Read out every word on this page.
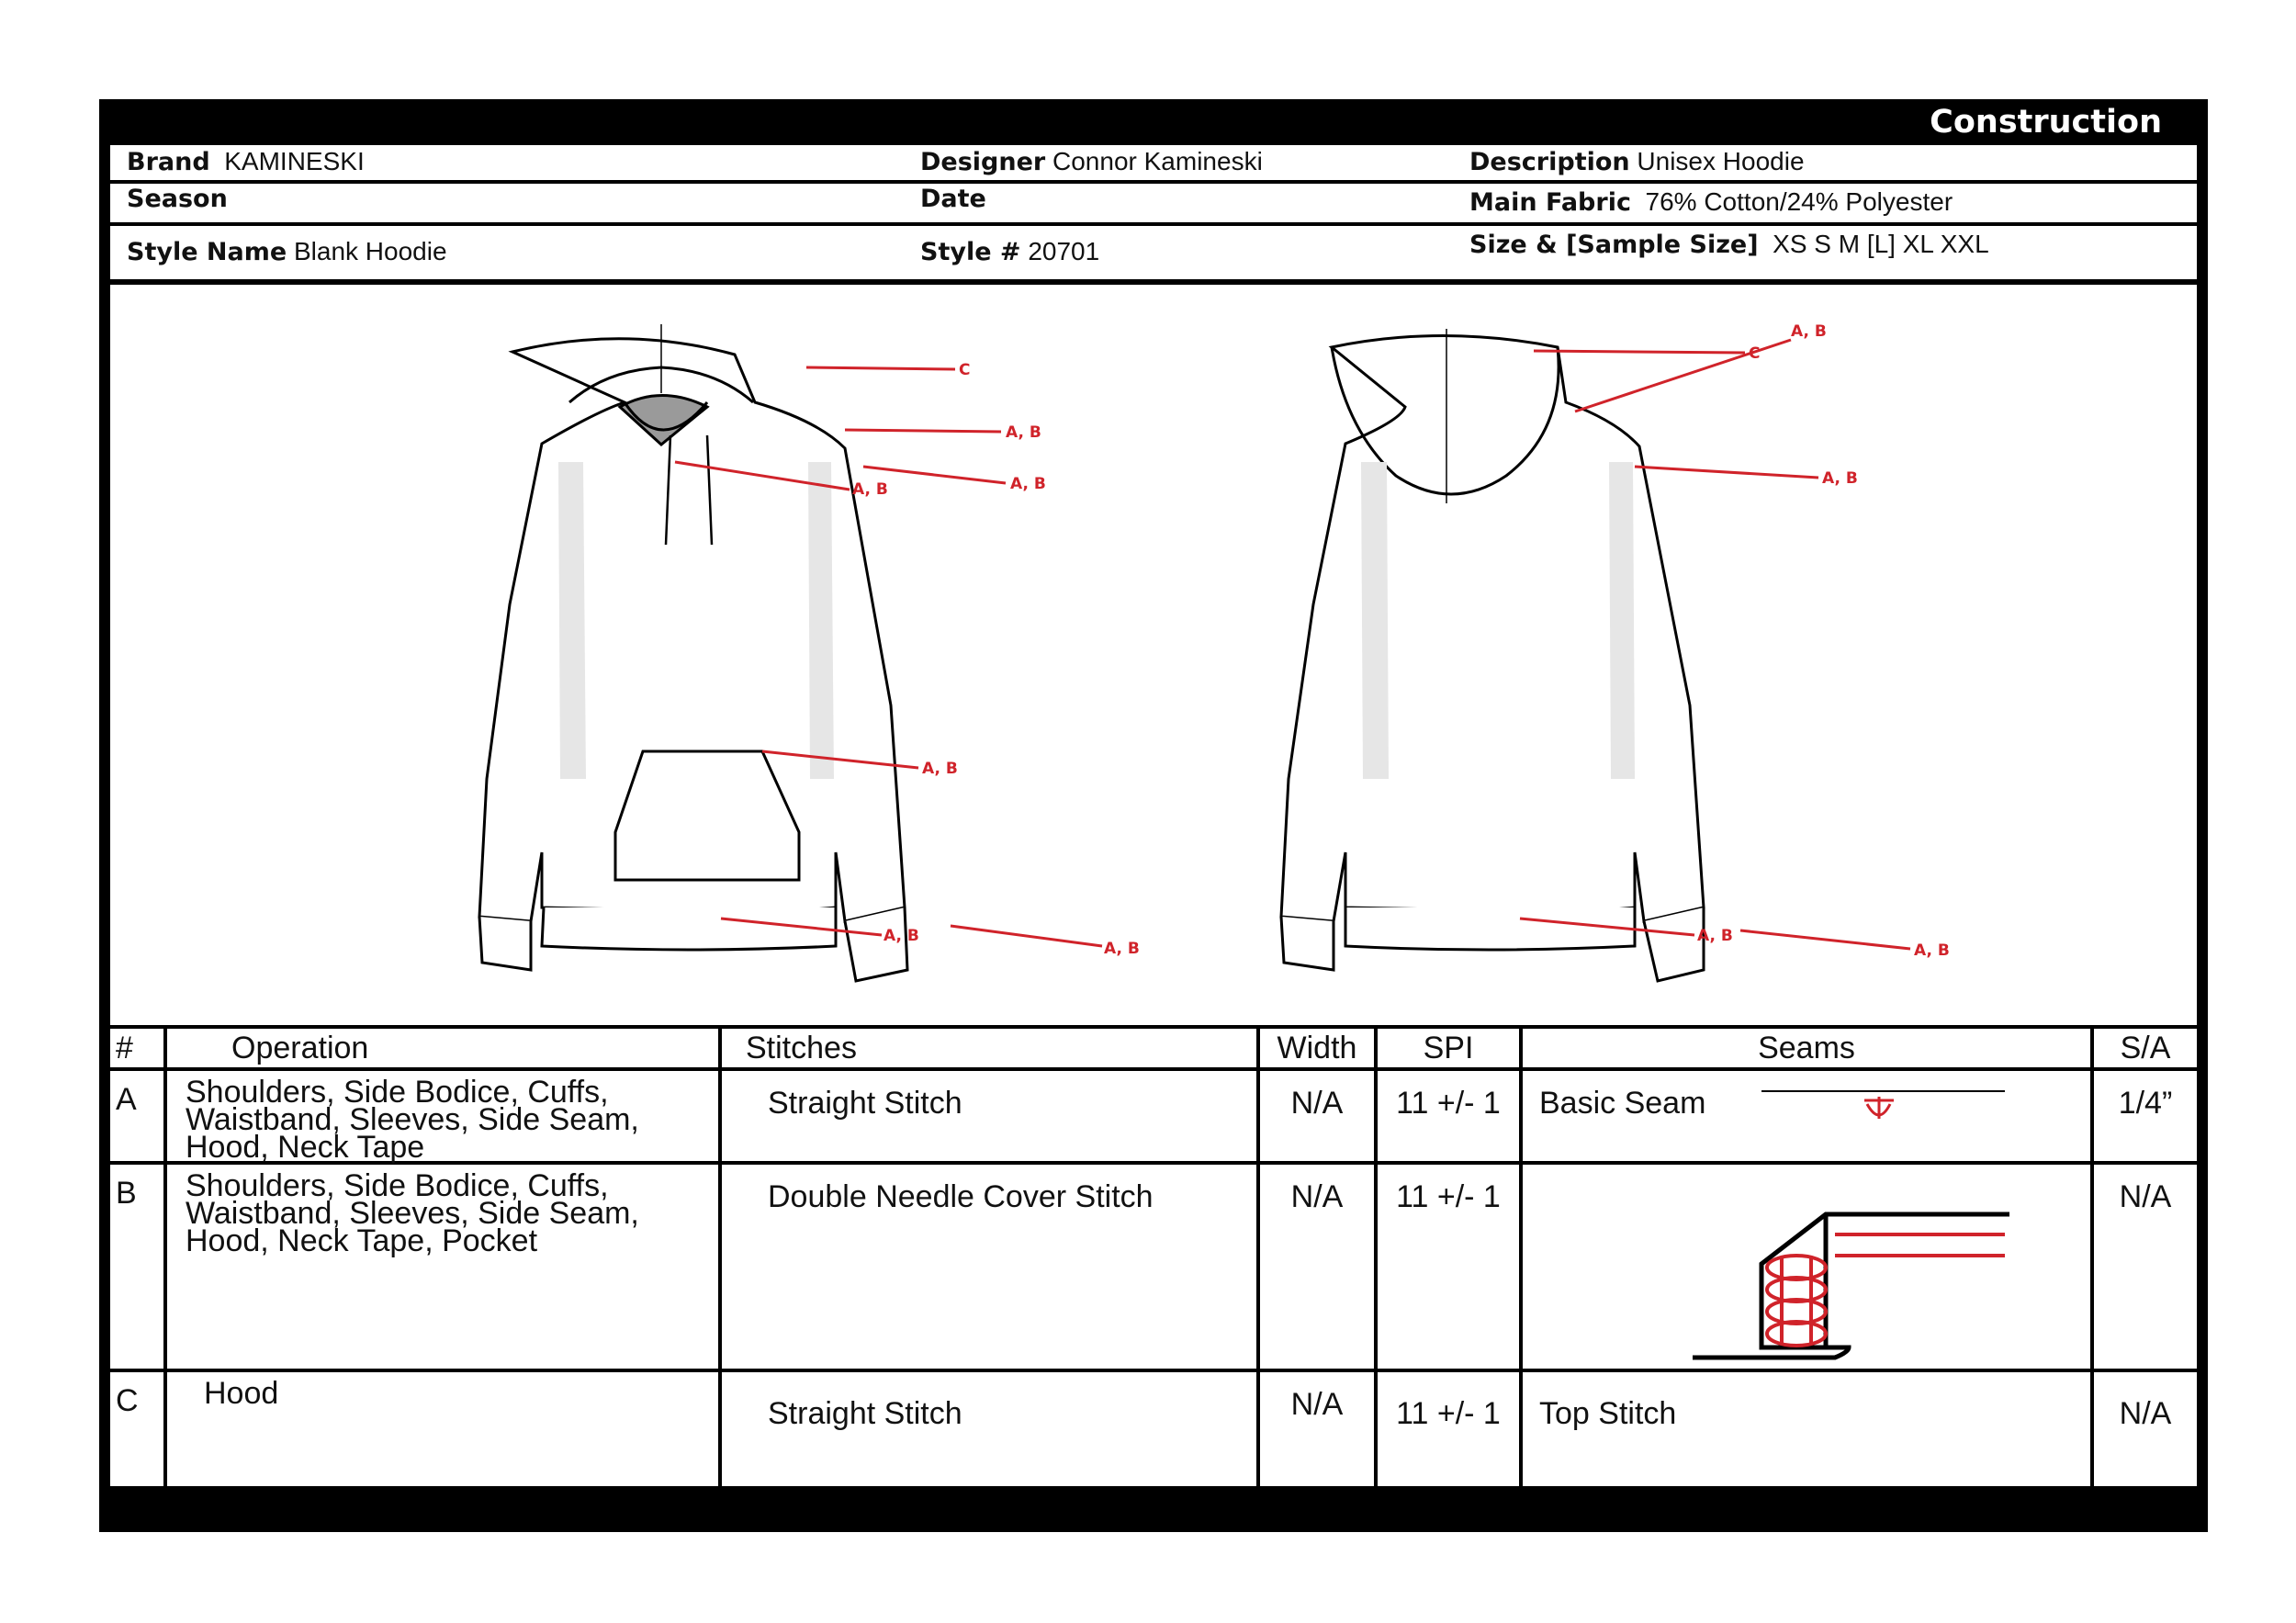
Construction
Brand KAMINESKI	Designer Connor Kamineski	Description Unisex Hoodie
Season	Date	Main Fabric 76% Cotton/24% Polyester
Style Name Blank Hoodie	Style # 20701	Size & [Sample Size] XS S M [L] XL XXL
C
A, B
A, B
A, B
A, B
A, B
A, B
C
A, B
A, B
A, B
A, B
#	Operation	Stitches	Width	SPI	Seams	S/A
A	Shoulders, Side Bodice, Cuffs, Waistband, Sleeves, Side Seam, Hood, Neck Tape	Straight Stitch	N/A	11 +/- 1	Basic Seam	1/4”
B	Shoulders, Side Bodice, Cuffs, Waistband, Sleeves, Side Seam, Hood, Neck Tape, Pocket	Double Needle Cover Stitch	N/A	11 +/- 1		N/A
C	Hood	Straight Stitch	N/A	11 +/- 1	Top Stitch	N/A
